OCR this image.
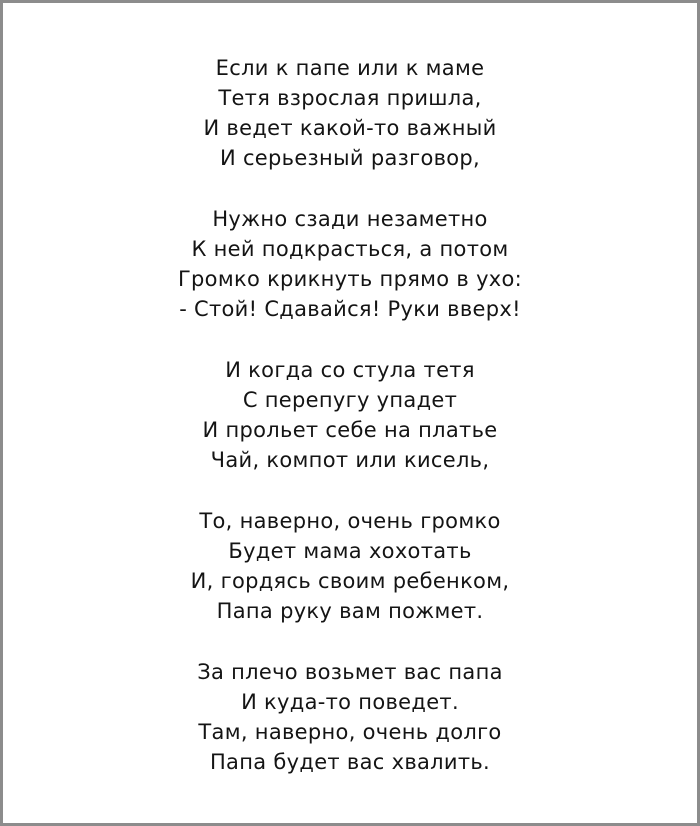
Если к папе или к маме
Тетя взрослая пришла,
И ведет какой-то важный
И серьезный разговор,
Нужно сзади незаметно
К ней подкрасться, а потом
Громко крикнуть прямо в ухо:
- Стой! Сдавайся! Руки вверх!
И когда со стула тетя
С перепугу упадет
И прольет себе на платье
Чай, компот или кисель,
То, наверно, очень громко
Будет мама хохотать
И, гордясь своим ребенком,
Папа руку вам пожмет.
За плечо возьмет вас папа
И куда-то поведет.
Там, наверно, очень долго
Папа будет вас хвалить.
